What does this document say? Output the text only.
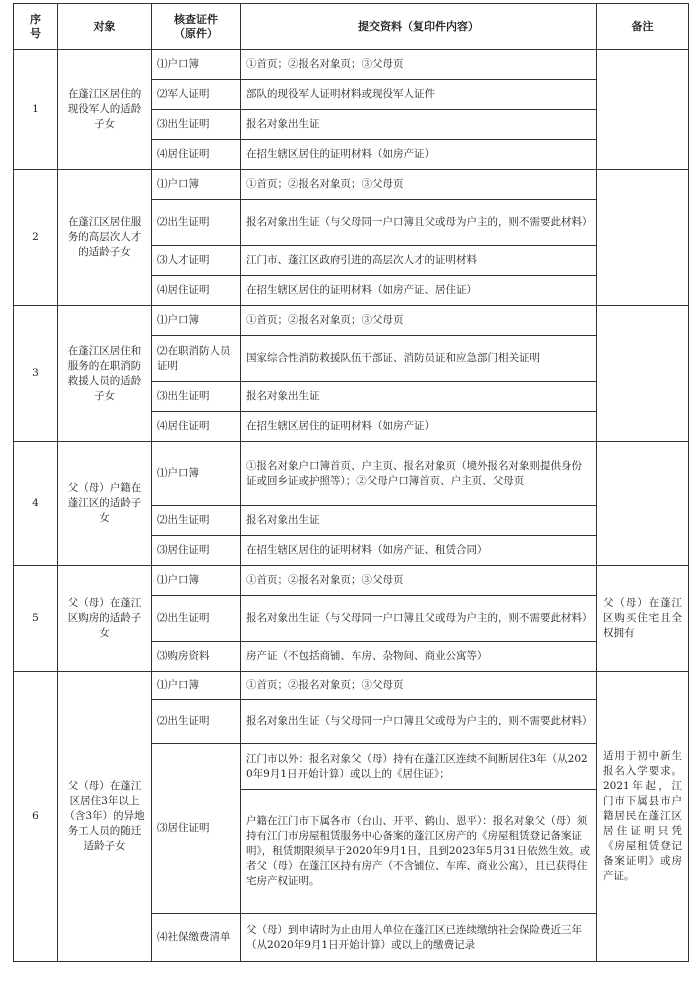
序号	对象	核查证件（原件）	提交资料（复印件内容）	备注
1	在蓬江区居住的现役军人的适龄子女	⑴户口簿	①首页；②报名对象页；③父母页	
		⑵军人证明	部队的现役军人证明材料或现役军人证件	
		⑶出生证明	报名对象出生证	
		⑷居住证明	在招生辖区居住的证明材料（如房产证）	
2	在蓬江区居住服务的高层次人才的适龄子女	⑴户口簿	①首页；②报名对象页；③父母页	
		⑵出生证明	报名对象出生证（与父母同一户口簿且父或母为户主的，则不需要此材料）	
		⑶人才证明	江门市、蓬江区政府引进的高层次人才的证明材料	
		⑷居住证明	在招生辖区居住的证明材料（如房产证、居住证）	
3	在蓬江区居住和服务的在职消防救援人员的适龄子女	⑴户口簿	①首页；②报名对象页；③父母页	
		⑵在职消防人员证明	国家综合性消防救援队伍干部证、消防员证和应急部门相关证明	
		⑶出生证明	报名对象出生证	
		⑷居住证明	在招生辖区居住的证明材料（如房产证）	
4	父（母）户籍在蓬江区的适龄子女	⑴户口簿	①报名对象户口簿首页、户主页、报名对象页（境外报名对象则提供身份证或回乡证或护照等）；②父母户口簿首页、户主页、父母页	
		⑵出生证明	报名对象出生证	
		⑶居住证明	在招生辖区居住的证明材料（如房产证、租赁合同）	
5	父（母）在蓬江区购房的适龄子女	⑴户口簿	①首页；②报名对象页；③父母页	父（母）在蓬江区购买住宅且全权拥有
		⑵出生证明	报名对象出生证（与父母同一户口簿且父或母为户主的，则不需要此材料）	
		⑶购房资料	房产证（不包括商铺、车房、杂物间、商业公寓等）	
6	父（母）在蓬江区居住3年以上（含3年）的异地务工人员的随迁适龄子女	⑴户口簿	①首页；②报名对象页；③父母页	适用于初中新生报名入学要求。2021年起，江门市下属县市户籍居民在蓬江区居住证明只凭《房屋租赁登记备案证明》或房产证。
		⑵出生证明	报名对象出生证（与父母同一户口簿且父或母为户主的，则不需要此材料）	
		⑶居住证明	江门市以外：报名对象父（母）持有在蓬江区连续不间断居住3年（从2020年9月1日开始计算）或以上的《居住证》；	
			户籍在江门市下属各市（台山、开平、鹤山、恩平）：报名对象父（母）须持有江门市房屋租赁服务中心备案的蓬江区房产的《房屋租赁登记备案证明》，租赁期限须早于2020年9月1日，且到2023年5月31日依然生效。或者父（母）在蓬江区持有房产（不含铺位、车库、商业公寓），且已获得住宅房产权证明。	
		⑷社保缴费清单	父（母）到申请时为止由用人单位在蓬江区已连续缴纳社会保险费近三年（从2020年9月1日开始计算）或以上的缴费记录	
